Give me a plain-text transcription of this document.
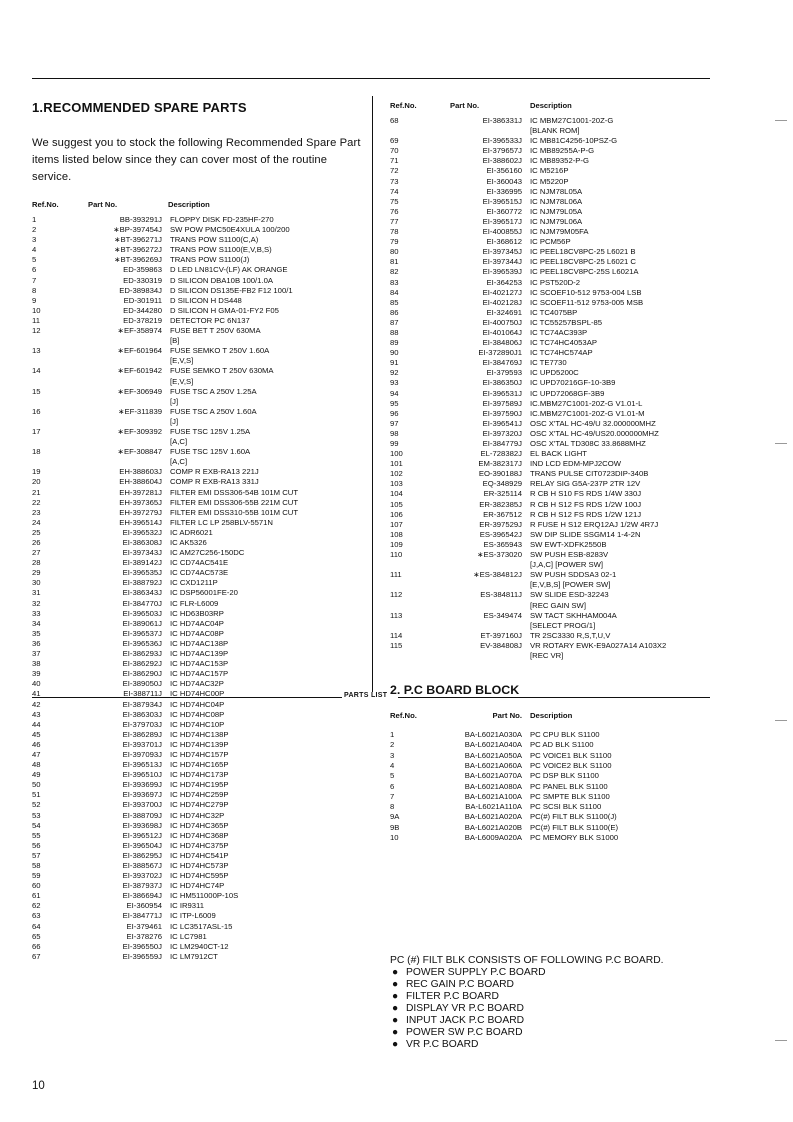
1.RECOMMENDED SPARE PARTS
We suggest you to stock the following Recommended Spare Part items listed below since they can cover most of the routine service.
Ref.No.	Part No.	Description
1	BB-393291J	FLOPPY DISK FD-235HF-270
2	∗BP-397454J	SW POW PMC50E4XULA 100/200
3	∗BT-396271J	TRANS POW S1100(C,A)
4	∗BT-396272J	TRANS POW S1100(E,V,B,S)
5	∗BT-396269J	TRANS POW S1100(J)
6	ED-359863	D LED LN81CV-(LF) AK ORANGE
7	ED-330319	D SILICON DBA10B 100/1.0A
8	ED-389834J	D SILICON DS135E-FB2 F12 100/1
9	ED-301911	D SILICON H DS448
10	ED-344280	D SILICON H GMA-01-FY2 F05
11	ED-378219	DETECTOR PC 6N137
12	∗EF-358974	FUSE BET T 250V 630MA
[B]
13	∗EF-601964	FUSE SEMKO T 250V 1.60A
[E,V,S]
14	∗EF-601942	FUSE SEMKO T 250V 630MA
[E,V,S]
15	∗EF-306949	FUSE TSC A 250V 1.25A
[J]
16	∗EF-311839	FUSE TSC A 250V 1.60A
[J]
17	∗EF-309392	FUSE TSC 125V 1.25A
[A,C]
18	∗EF-308847	FUSE TSC 125V 1.60A
[A,C]
19	EH-388603J	COMP R EXB-RA13 221J
20	EH-388604J	COMP R EXB-RA13 331J
21	EH-397281J	FILTER EMI DSS306-54B 101M CUT
22	EH-397365J	FILTER EMI DSS306-55B 221M CUT
23	EH-397279J	FILTER EMI DSS310-55B 101M CUT
24	EH-396514J	FILTER LC LP 258BLV-5571N
25	EI-396532J	IC ADR6021
26	EI-386308J	IC AK5326
27	EI-397343J	IC AM27C256-150DC
28	EI-389142J	IC CD74AC541E
29	EI-396535J	IC CD74AC573E
30	EI-388792J	IC CXD1211P
31	EI-386343J	IC DSP56001FE-20
32	EI-384770J	IC FLR-L6009
33	EI-396503J	IC HD63B03RP
34	EI-389061J	IC HD74AC04P
35	EI-396537J	IC HD74AC08P
36	EI-396536J	IC HD74AC138P
37	EI-386293J	IC HD74AC139P
38	EI-386292J	IC HD74AC153P
39	EI-386290J	IC HD74AC157P
40	EI-389050J	IC HD74AC32P
41	EI-388711J	IC HD74HC00P
42	EI-387934J	IC HD74HC04P
43	EI-386303J	IC HD74HC08P
44	EI-379703J	IC HD74HC10P
45	EI-386289J	IC HD74HC138P
46	EI-393701J	IC HD74HC139P
47	EI-397093J	IC HD74HC157P
48	EI-396513J	IC HD74HC165P
49	EI-396510J	IC HD74HC173P
50	EI-393699J	IC HD74HC195P
51	EI-393697J	IC HD74HC259P
52	EI-393700J	IC HD74HC279P
53	EI-388709J	IC HD74HC32P
54	EI-393698J	IC HD74HC365P
55	EI-396512J	IC HD74HC368P
56	EI-396504J	IC HD74HC375P
57	EI-386295J	IC HD74HC541P
58	EI-388567J	IC HD74HC573P
59	EI-393702J	IC HD74HC595P
60	EI-387937J	IC HD74HC74P
61	EI-386694J	IC HM511000P-10S
62	EI-360954	IC IR9311
63	EI-384771J	IC ITP-L6009
64	EI-379461	IC LC3517ASL-15
65	EI-378276	IC LC7981
66	EI-396550J	IC LM2940CT-12
67	EI-396559J	IC LM7912CT
Ref.No.	Part No.	Description
68	EI-386331J	IC MBM27C1001-20Z-G
[BLANK ROM]
69	EI-396533J	IC MB81C4256-10PSZ-G
70	EI-379657J	IC MB89255A-P-G
71	EI-388602J	IC MB89352-P-G
72	EI-356160	IC M5216P
73	EI-360043	IC M5220P
74	EI-336995	IC NJM78L05A
75	EI-396515J	IC NJM78L06A
76	EI-360772	IC NJM79L05A
77	EI-396517J	IC NJM79L06A
78	EI-400855J	IC NJM79M05FA
79	EI-368612	IC PCM56P
80	EI-397345J	IC PEEL18CV8PC-25 L6021 B
81	EI-397344J	IC PEEL18CV8PC-25 L6021 C
82	EI-396539J	IC PEEL18CV8PC-25S L6021A
83	EI-364253	IC PST520D-2
84	EI-402127J	IC SCOEF10-512 9753-004 LSB
85	EI-402128J	IC SCOEF11-512 9753-005 MSB
86	EI-324691	IC TC4075BP
87	EI-400750J	IC TC55257BSPL-85
88	EI-401064J	IC TC74AC393P
89	EI-384806J	IC TC74HC4053AP
90	EI-372890J1	IC TC74HC574AP
91	EI-384769J	IC TE7730
92	EI-379593	IC UPD5200C
93	EI-386350J	IC UPD70216GF-10-3B9
94	EI-396531J	IC UPD72068GF-3B9
95	EI-397589J	IC.MBM27C1001-20Z-G V1.01-L
96	EI-397590J	IC.MBM27C1001-20Z-G V1.01-M
97	EI-396541J	OSC X'TAL HC-49/U 32.000000MHZ
98	EI-397320J	OSC X'TAL HC-49/US20.000000MHZ
99	EI-384779J	OSC X'TAL TD308C 33.8688MHZ
100	EL-728382J	EL BACK LIGHT
101	EM-382317J	IND LCD EDM-MPJ2COW
102	EO-390188J	TRANS PULSE CIT0723DIP-340B
103	EQ-348929	RELAY SIG G5A-237P 2TR 12V
104	ER-325114	R CB H S10 FS RDS 1/4W 330J
105	ER-382385J	R CB H S12 FS RDS 1/2W 100J
106	ER-367512	R CB H S12 FS RDS 1/2W 121J
107	ER-397529J	R FUSE H S12 ERQ12AJ 1/2W 4R7J
108	ES-396542J	SW DIP SLIDE SSGM14 1-4-2N
109	ES-365943	SW EWT-XDFK2550B
110	∗ES-373020	SW PUSH ESB-8283V
[J,A,C] [POWER SW]
111	∗ES-384812J	SW PUSH SDDSA3 02-1
[E,V,B,S] [POWER SW]
112	ES-384811J	SW SLIDE ESD-32243
[REC GAIN SW]
113	ES-349474	SW TACT SKHHAM004A
[SELECT PROG/1]
114	ET-397160J	TR 2SC3330 R,S,T,U,V
115	EV-384808J	VR ROTARY EWK-E9A027A14 A103X2
[REC VR]
2. P.C BOARD BLOCK
Ref.No.	Part No.	Description
1	BA-L6021A030A	PC CPU BLK S1100
2	BA-L6021A040A	PC AD BLK S1100
3	BA-L6021A050A	PC VOICE1 BLK S1100
4	BA-L6021A060A	PC VOICE2 BLK S1100
5	BA-L6021A070A	PC DSP BLK S1100
6	BA-L6021A080A	PC PANEL BLK S1100
7	BA-L6021A100A	PC SMPTE BLK S1100
8	BA-L6021A110A	PC SCSI BLK S1100
9A	BA-L6021A020A	PC(#) FILT BLK S1100(J)
9B	BA-L6021A020B	PC(#) FILT BLK S1100(E)
10	BA-L6009A020A	PC MEMORY BLK S1000
PC (#) FILT BLK CONSISTS OF FOLLOWING P.C BOARD.
● POWER SUPPLY P.C BOARD
● REC GAIN P.C BOARD
● FILTER P.C BOARD
● DISPLAY VR P.C BOARD
● INPUT JACK P.C BOARD
● POWER SW P.C BOARD
● VR P.C BOARD
PARTS LIST
10
